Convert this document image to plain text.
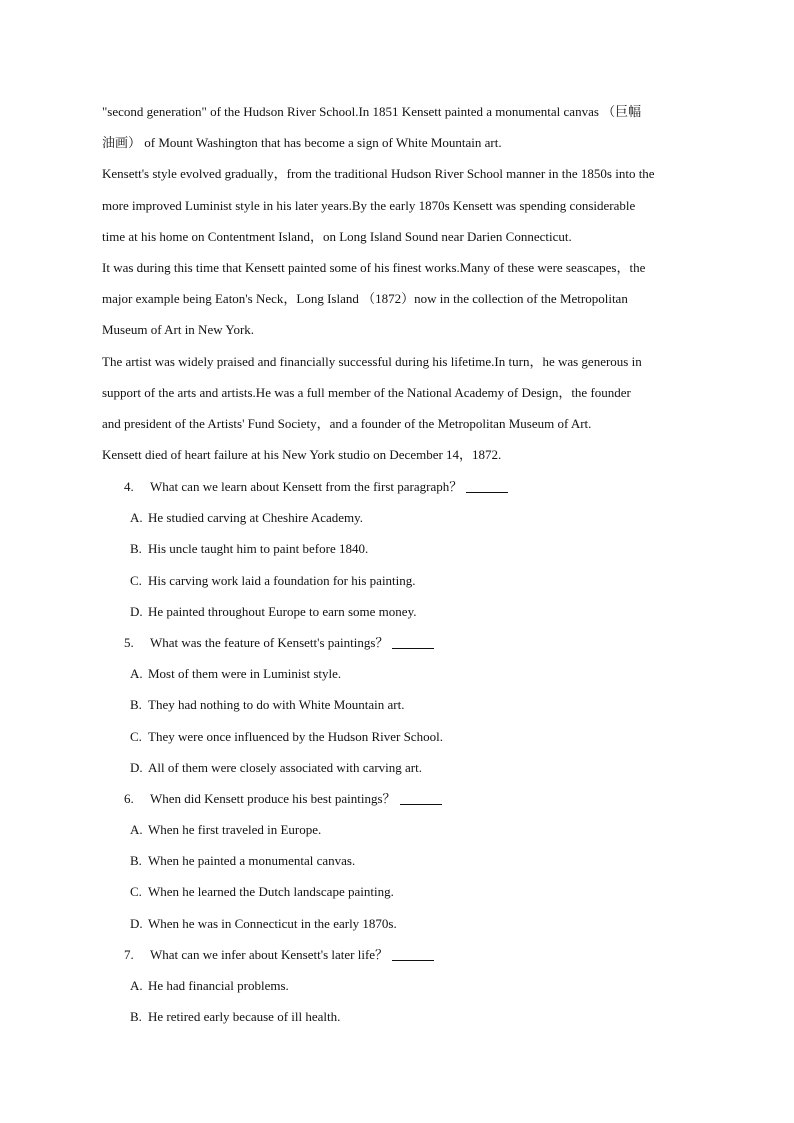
"second generation" of the Hudson River School.In 1851 Kensett painted a monumental canvas （巨幅
油画） of Mount Washington that has become a sign of White Mountain art.
Kensett's style evolved gradually，from the traditional Hudson River School manner in the 1850s into the
more improved Luminist style in his later years.By the early 1870s Kensett was spending considerable
time at his home on Contentment Island，on Long Island Sound near Darien Connecticut.
It was during this time that Kensett painted some of his finest works.Many of these were seascapes，the
major example being Eaton's Neck，Long Island （1872）now in the collection of the Metropolitan
Museum of Art in New York.
The artist was widely praised and financially successful during his lifetime.In turn，he was generous in
support of the arts and artists.He was a full member of the National Academy of Design，the founder
and president of the Artists' Fund Society，and a founder of the Metropolitan Museum of Art.
Kensett died of heart failure at his New York studio on December 14，1872.
4. What can we learn about Kensett from the first paragraph？
A. He studied carving at Cheshire Academy.
B. His uncle taught him to paint before 1840.
C. His carving work laid a foundation for his painting.
D. He painted throughout Europe to earn some money.
5. What was the feature of Kensett's paintings？
A. Most of them were in Luminist style.
B. They had nothing to do with White Mountain art.
C. They were once influenced by the Hudson River School.
D. All of them were closely associated with carving art.
6. When did Kensett produce his best paintings？
A. When he first traveled in Europe.
B. When he painted a monumental canvas.
C. When he learned the Dutch landscape painting.
D. When he was in Connecticut in the early 1870s.
7. What can we infer about Kensett's later life？
A. He had financial problems.
B. He retired early because of ill health.
